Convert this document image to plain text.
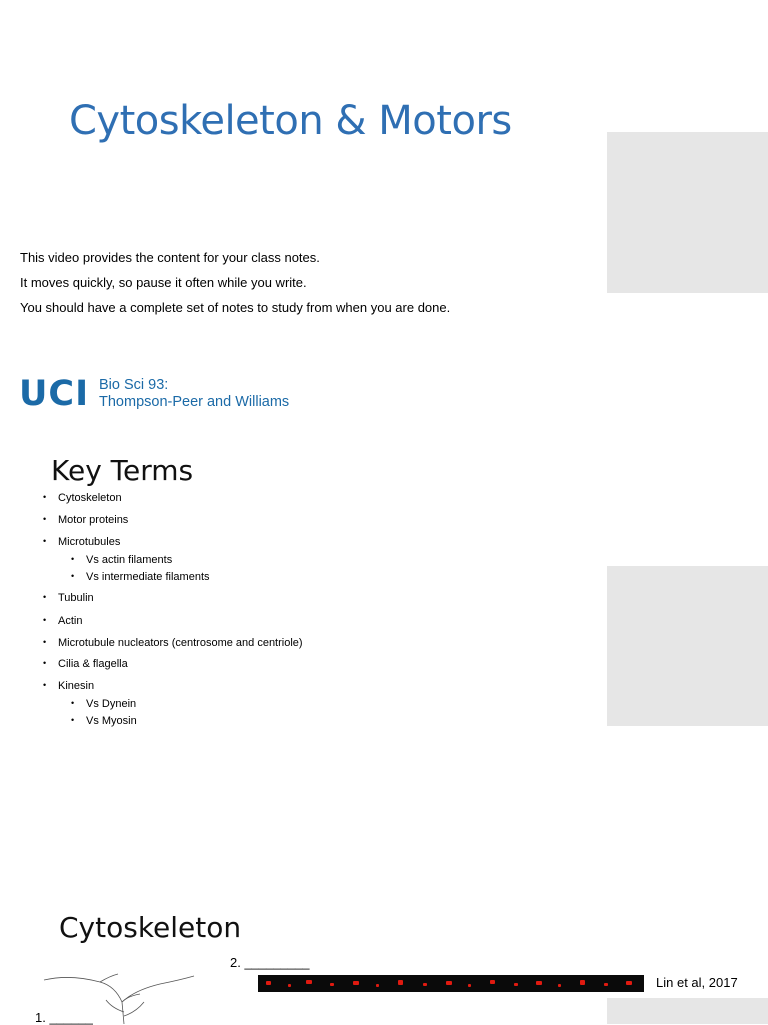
Cytoskeleton & Motors
This video provides the content for your class notes.
It moves quickly, so pause it often while you write.
You should have a complete set of notes to study from when you are done.
UCI Bio Sci 93:
Thompson-Peer and Williams
Key Terms
• Cytoskeleton
• Motor proteins
• Microtubules
• Vs actin filaments
• Vs intermediate filaments
• Tubulin
• Actin
• Microtubule nucleators (centrosome and centriole)
• Cilia & flagella
• Kinesin
• Vs Dynein
• Vs Myosin
Cytoskeleton
2. _________
Lin et al, 2017
1. ______
